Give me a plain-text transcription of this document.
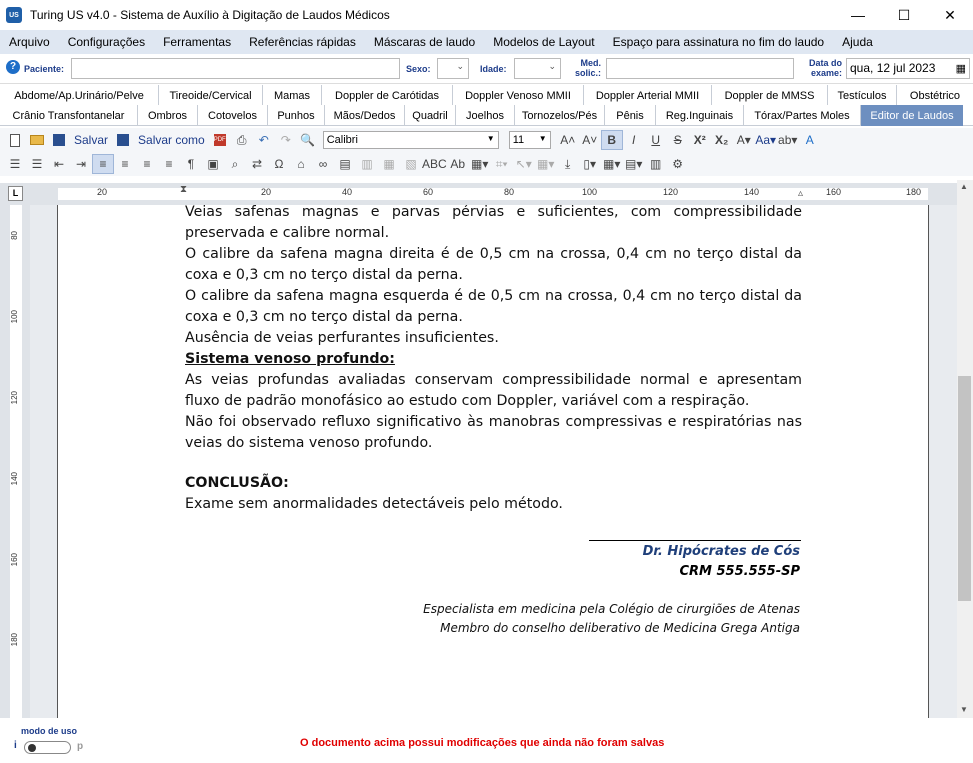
US Turing US v4.0 - Sistema de Auxílio à Digitação de Laudos Médicos	—	☐	✕
Arquivo	Configurações	Ferramentas	Referências rápidas	Máscaras de laudo	Modelos de Layout	Espaço para assinatura no fim do laudo	Ajuda
? Paciente:	Sexo:	⌄ Idade:	⌄	Med. solic.:
Data do exame: qua, 12 jul 2023 ▦
Abdome/Ap.Urinário/Pelve	Tireoide/Cervical	Mamas	Doppler de Carótidas	Doppler Venoso MMII	Doppler Arterial MMII	Doppler de MMSS	Testículos	Obstétrico
Crânio Transfontanelar	Ombros	Cotovelos	Punhos	Mãos/Dedos	Quadril	Joelhos	Tornozelos/Pés	Pênis	Reg.Inguinais	Tórax/Partes Moles	Editor de Laudos
Salvar	Salvar como	PDF ⎙	↶ ↷ 🔍	Calibri	▼	11 ▼ A˄ A˅ B	I	U	S	X² X₂ A▾ Aa▾ ab▾ A
☰ ☰ ⇤ ⇥	≡	≡	≡	≡	¶	▣	⌕	⇄	Ω	⌂	∞	▤ ▥ ▦ ▧ ABC Ab ▦▾ ⌗▾ ↖▾ ▦▾ ⤓	▯▾ ▦▾ ▤▾ ▥ ⚙
L	20	20	40	60	80	100	120	140	160	180
⧗	▵
80
100
120
140
160
180

Veias safenas magnas e parvas pérvias e suficientes, com compressibilidade preservada e calibre normal.

O calibre da safena magna direita é de 0,5 cm na crossa, 0,4 cm no terço distal da coxa e 0,3 cm no terço distal da perna.

O calibre da safena magna esquerda é de 0,5 cm na crossa, 0,4 cm no terço distal da coxa e 0,3 cm no terço distal da perna.

Ausência de veias perfurantes insuficientes.

Sistema venoso profundo:

As veias profundas avaliadas conservam compressibilidade normal e apresentam fluxo de padrão monofásico ao estudo com Doppler, variável com a respiração.

Não foi observado refluxo significativo às manobras compressivas e respiratórias nas veias do sistema venoso profundo.

CONCLUSÃO:

Exame sem anormalidades detectáveis pelo método.

Dr. Hipócrates de Cós
CRM 555.555-SP
Especialista em medicina pela Colégio de cirurgiões de Atenas
Membro do conselho deliberativo de Medicina Grega Antiga
▲
▼
modo de uso
i	p	O documento acima possui modificações que ainda não foram salvas
